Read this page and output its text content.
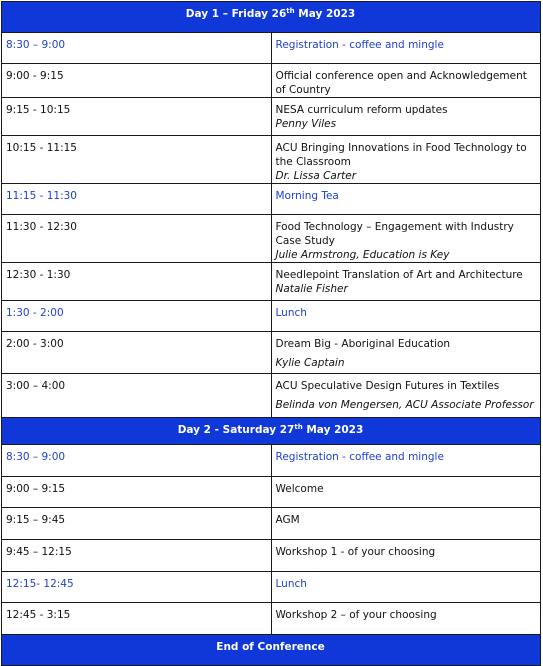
Day 1 – Friday 26th May 2023	
8:30 – 9:00	Registration - coffee and mingle
9:00 - 9:15	Official conference open and Acknowledgement of Country
9:15 - 10:15	NESA curriculum reform updates
Penny Viles

10:15 - 11:15	ACU Bringing Innovations in Food Technology to the Classroom
Dr. Lissa Carter

11:15 - 11:30	Morning Tea
11:30 - 12:30	Food Technology – Engagement with Industry Case Study
Julie Armstrong, Education is Key

12:30 - 1:30	Needlepoint Translation of Art and Architecture
Natalie Fisher

1:30 - 2:00	Lunch
2:00 - 3:00	Dream Big - Aboriginal Education
Kylie Captain

3:00 – 4:00	ACU Speculative Design Futures in Textiles
Belinda von Mengersen, ACU Associate Professor

Day 2 - Saturday 27th May 2023	
8:30 – 9:00	Registration - coffee and mingle
9:00 – 9:15	Welcome
9:15 – 9:45	AGM
9:45 – 12:15	Workshop 1 - of your choosing
12:15- 12:45	Lunch
12:45 - 3:15	Workshop 2 – of your choosing
End of Conference	
